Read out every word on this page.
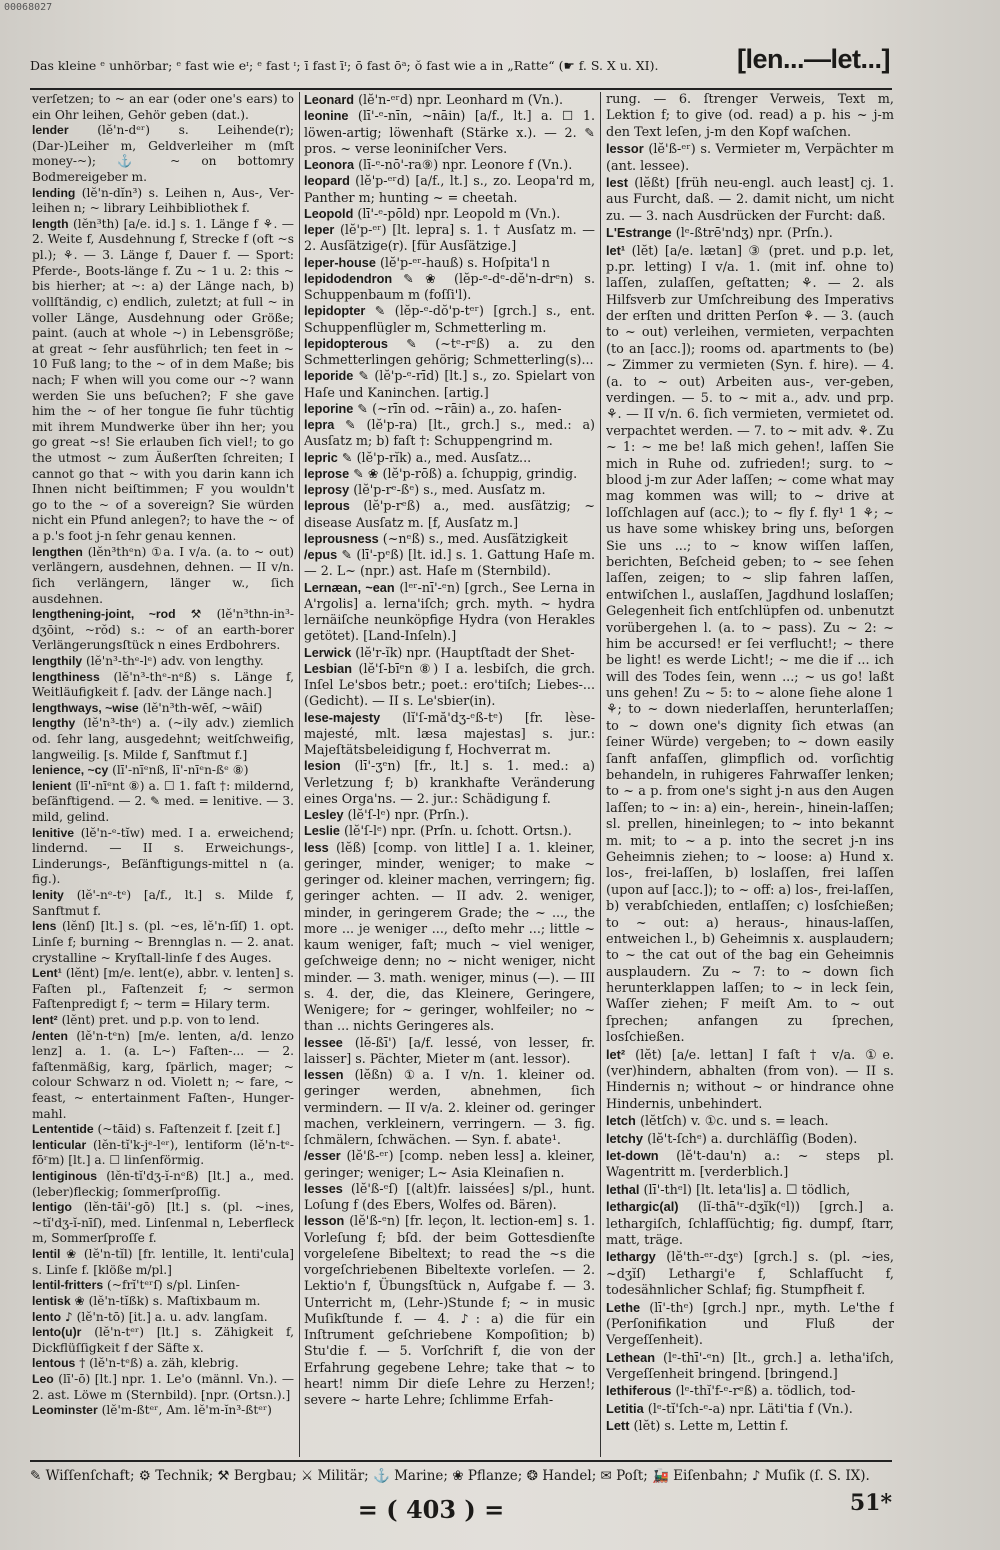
00068027
Das kleine ᵉ unhörbar; ᵉ fast wie eᶦ; ᵉ fast ᶦ; ī fast īᶦ; ō fast ōᵃ; ŏ fast wie a in „Ratte“ (☛ f. S. X u. XI).	[len...—let...]

verſetzen; to ~ an ear (oder one's ears) to ein Ohr leihen, Gehör geben (dat.).

lender (lĕ'n-dᵉʳ) s. Leihende(r); (Dar-)Leiher m, Geldverleiher m (mſt money-~); ⚓ ~ on bottomry Bodmereigeber m.

lending (lĕ'n-dĭn³) s. Leihen n, Aus-, Ver-leihen n; ~ library Leihbibliothek f.

length (lĕn³th) [a/e. id.] s. 1. Länge f ⚘. — 2. Weite f, Ausdehnung f, Strecke f (oft ~s pl.); ⚘. — 3. Länge f, Dauer f. — Sport: Pferde-, Boots-länge f. Zu ~ 1 u. 2: this ~ bis hierher; at ~: a) der Länge nach, b) vollſtändig, c) endlich, zuletzt; at full ~ in voller Länge, Ausdehnung oder Größe; paint. (auch at whole ~) in Lebensgröße; at great ~ ſehr ausführlich; ten feet in ~ 10 Fuß lang; to the ~ of in dem Maße; bis nach; F when will you come our ~? wann werden Sie uns beſuchen?; F she gave him the ~ of her tongue ſie fuhr tüchtig mit ihrem Mundwerke über ihn her; you go great ~s! Sie erlauben ſich viel!; to go the utmost ~ zum Äußerſten ſchreiten; I cannot go that ~ with you darin kann ich Ihnen nicht beiſtimmen; F you wouldn't go to the ~ of a sovereign? Sie würden nicht ein Pfund anlegen?; to have the ~ of a p.'s foot j-n ſehr genau kennen.

lengthen (lĕn³thᵉn) ①a. I v/a. (a. to ~ out) verlängern, ausdehnen, dehnen. — II v/n. ſich verlängern, länger w., ſich ausdehnen.

lengthening-joint, ~rod ⚒ (lĕ'n³thn-in³-dʒōint, ~rŏd) s.: ~ of an earth-borer Verlängerungsſtück n eines Erdbohrers.

lengthily (lĕ'n³-thᵉ-lᵉ) adv. von lengthy.

lengthiness (lĕ'n³-thᵉ-nᵉß) s. Länge f, Weitläufigkeit f. [adv. der Länge nach.]

lengthways, ~wise (lĕ'n³th-wēſ, ~wāiſ)

lengthy (lĕ'n³-thᵉ) a. (~ily adv.) ziemlich od. ſehr lang, ausgedehnt; weitſchweifig, langweilig. [s. Milde f, Sanftmut f.]

lenience, ~cy (lī'-nīᵉnß, lī'-nīᵉn-ßᵉ ⑧)

lenient (lī'-nīᵉnt ⑧) a. ☐ 1. faſt †: mildernd, beſänftigend. — 2. ✎ med. = lenitive. — 3. mild, gelind.

lenitive (lĕ'n-ᵉ-tĭw) med. I a. erweichend; lindernd. — II s. Erweichungs-, Linderungs-, Beſänftigungs-mittel n (a. fig.).

lenity (lĕ'-nᵉ-tᵉ) [a/f., lt.] s. Milde f, Sanftmut f.

lens (lĕnſ) [lt.] s. (pl. ~es, lĕ'n-ſĭſ) 1. opt. Linſe f; burning ~ Brennglas n. — 2. anat. crystalline ~ Kryſtall-linſe f des Auges.

Lent¹ (lĕnt) [m/e. lent(e), abbr. v. lenten] s. Faſten pl., Faſtenzeit f; ~ sermon Faſtenpredigt f; ~ term = Hilary term.

lent² (lĕnt) pret. und p.p. von to lend.

/enten (lĕ'n-tᵉn) [m/e. lenten, a/d. lenzo lenz] a. 1. (a. L~) Faſten-... — 2. faſtenmäßig, karg, ſpärlich, mager; ~ colour Schwarz n od. Violett n; ~ fare, ~ feast, ~ entertainment Faſten-, Hunger-mahl.

Lententide (~tāid) s. Faſtenzeit f. [zeit f.]

lenticular (lĕn-tĭ'k-jᵉ-lᵉʳ), lentiform (lĕ'n-tᵉ-fōʳm) [lt.] a. ☐ linſenförmig.

lentiginous (lĕn-tĭ'dʒ-ĭ-nᵉß) [lt.] a., med. (leber)fleckig; ſommerſproſſig.

lentigo (lĕn-tāi'-gō) [lt.] s. (pl. ~ines, ~tĭ'dʒ-ĭ-nīſ), med. Linſenmal n, Leberfleck m, Sommerſproſſe f.

lentil ❀ (lĕ'n-tĭl) [fr. lentille, lt. lenti'cula] s. Linſe f. [klöße m/pl.]

lentil-fritters (~frĭ'tᵉʳſ) s/pl. Linſen-

lentisk ❀ (lĕ'n-tĭßk) s. Maſtixbaum m.

lento ♪ (lĕ'n-tō) [it.] a. u. adv. langſam.

lento(u)r (lĕ'n-tᵉʳ) [lt.] s. Zähigkeit f, Dickflüſſigkeit f der Säfte x.

lentous † (lĕ'n-tᵉß) a. zäh, klebrig.

Leo (lī'-ō) [lt.] npr. 1. Le'o (männl. Vn.). — 2. ast. Löwe m (Sternbild). [npr. (Ortsn.).]

Leominster (lĕ'm-ßtᵉʳ, Am. lĕ'm-ĭn³-ßtᵉʳ)

Leonard (lĕ'n-ᵉʳd) npr. Leonhard m (Vn.).

leonine (lī'-ᵉ-nīn, ~nāin) [a/f., lt.] a. ☐ 1. löwen-artig; löwenhaft (Stärke x.). — 2. ✎ pros. ~ verse leoniniſcher Vers.

Leonora (lī-ᵉ-nō'-ra⑨) npr. Leonore f (Vn.).

leopard (lĕ'p-ᵉʳd) [a/f., lt.] s., zo. Leopa'rd m, Panther m; hunting ~ = cheetah.

Leopold (lī'-ᵉ-pōld) npr. Leopold m (Vn.).

leper (lĕ'p-ᵉʳ) [lt. lepra] s. 1. † Ausſatz m. — 2. Ausſätzige(r). [für Ausſätzige.]

leper-house (lĕ'p-ᵉʳ-hauß) s. Hoſpita'l n

lepidodendron ✎ ❀ (lĕp-ᵉ-dᵉ-dĕ'n-drᵉn) s. Schuppenbaum m (foſſi'l).

lepidopter ✎ (lĕp-ᵉ-dŏ'p-tᵉʳ) [grch.] s., ent. Schuppenflügler m, Schmetterling m.

lepidopterous ✎ (~tᵉ-rᵉß) a. zu den Schmetterlingen gehörig; Schmetterling(s)...

leporide ✎ (lĕ'p-ᵉ-rīd) [lt.] s., zo. Spielart von Haſe und Kaninchen. [artig.]

leporine ✎ (~rīn od. ~rāin) a., zo. haſen-

lepra ✎ (lĕ'p-ra) [lt., grch.] s., med.: a) Ausſatz m; b) faſt †: Schuppengrind m.

lepric ✎ (lĕ'p-rĭk) a., med. Ausſatz...

leprose ✎ ❀ (lĕ'p-rōß) a. ſchuppig, grindig.

leprosy (lĕ'p-rᵉ-ßᵉ) s., med. Ausſatz m.

leprous (lĕ'p-rᵉß) a., med. ausſätzig; ~ disease Ausſatz m. [f, Ausſatz m.]

leprousness (~nᵉß) s., med. Ausſätzigkeit

/epus ✎ (lī'-pᵉß) [lt. id.] s. 1. Gattung Haſe m. — 2. L~ (npr.) ast. Haſe m (Sternbild).

Lernæan, ~ean (lᵉʳ-nī'-ᵉn) [grch., See Lerna in A'rgolis] a. lerna'iſch; grch. myth. ~ hydra lernäiſche neunköpfige Hydra (von Herakles getötet). [Land-Inſeln).]

Lerwick (lĕ'r-ĭk) npr. (Hauptſtadt der Shet-

Lesbian (lĕ'ſ-bīᵉn ⑧) I a. lesbiſch, die grch. Inſel Le'sbos betr.; poet.: ero'tiſch; Liebes-... (Gedicht). — II s. Le'sbier(in).

lese-majesty (lĭ'ſ-mă'dʒ-ᵉß-tᵉ) [fr. lèse-majesté, mlt. læsa majestas] s. jur.: Majeſtätsbeleidigung f, Hochverrat m.

lesion (lī'-ʒᵉn) [fr., lt.] s. 1. med.: a) Verletzung f; b) krankhafte Veränderung eines Orga'ns. — 2. jur.: Schädigung f.

Lesley (lĕ'ſ-lᵉ) npr. (Prſn.).

Leslie (lĕ'ſ-lᵉ) npr. (Prſn. u. ſchott. Ortsn.).

less (lĕß) [comp. von little] I a. 1. kleiner, geringer, minder, weniger; to make ~ geringer od. kleiner machen, verringern; fig. geringer achten. — II adv. 2. weniger, minder, in geringerem Grade; the ~ ..., the more ... je weniger ..., deſto mehr ...; little ~ kaum weniger, faſt; much ~ viel weniger, geſchweige denn; no ~ nicht weniger, nicht minder. — 3. math. weniger, minus (—). — III s. 4. der, die, das Kleinere, Geringere, Wenigere; for ~ geringer, wohlfeiler; no ~ than ... nichts Geringeres als.

lessee (lĕ-ßī') [a/f. lessé, von lesser, fr. laisser] s. Pächter, Mieter m (ant. lessor).

lessen (lĕßn) ①a. I v/n. 1. kleiner od. geringer werden, abnehmen, ſich vermindern. — II v/a. 2. kleiner od. geringer machen, verkleinern, verringern. — 3. fig. ſchmälern, ſchwächen. — Syn. f. abate¹.

/esser (lĕ'ß-ᵉʳ) [comp. neben less] a. kleiner, geringer; weniger; L~ Asia Kleinaſien n.

lesses (lĕ'ß-ᵉſ) [(alt)fr. laissées] s/pl., hunt. Loſung f (des Ebers, Wolfes od. Bären).

lesson (lĕ'ß-ᵉn) [fr. leçon, lt. lection-em] s. 1. Vorleſung f; bſd. der beim Gottesdienſte vorgeleſene Bibeltext; to read the ~s die vorgeſchriebenen Bibeltexte vorleſen. — 2. Lektio'n f, Übungsſtück n, Aufgabe f. — 3. Unterricht m, (Lehr-)Stunde f; ~ in music Muſikſtunde f. — 4. ♪: a) die für ein Inſtrument geſchriebene Kompoſition; b) Stu'die f. — 5. Vorſchrift f, die von der Erfahrung gegebene Lehre; take that ~ to heart! nimm Dir dieſe Lehre zu Herzen!; severe ~ harte Lehre; ſchlimme Erfah-

rung. — 6. ſtrenger Verweis, Text m, Lektion f; to give (od. read) a p. his ~ j-m den Text leſen, j-m den Kopf waſchen.

lessor (lĕ'ß-ᵉʳ) s. Vermieter m, Verpächter m (ant. lessee).

lest (lĕßt) [früh neu-engl. auch least] cj. 1. aus Furcht, daß. — 2. damit nicht, um nicht zu. — 3. nach Ausdrücken der Furcht: daß.

L'Estrange (lᵉ-ßtrē'ndʒ) npr. (Prſn.).

let¹ (lĕt) [a/e. lætan] ③ (pret. und p.p. let, p.pr. letting) I v/a. 1. (mit inf. ohne to) laſſen, zulaſſen, geſtatten; ⚘. — 2. als Hilfsverb zur Umſchreibung des Imperativs der erſten und dritten Perſon ⚘. — 3. (auch to ~ out) verleihen, vermieten, verpachten (to an [acc.]); rooms od. apartments to (be) ~ Zimmer zu vermieten (Syn. f. hire). — 4. (a. to ~ out) Arbeiten aus-, ver-geben, verdingen. — 5. to ~ mit a., adv. und prp. ⚘. — II v/n. 6. ſich vermieten, vermietet od. verpachtet werden. — 7. to ~ mit adv. ⚘. Zu ~ 1: ~ me be! laß mich gehen!, laſſen Sie mich in Ruhe od. zufrieden!; surg. to ~ blood j-m zur Ader laſſen; ~ come what may mag kommen was will; to ~ drive at loſſchlagen auf (acc.); to ~ fly f. fly¹ 1 ⚘; ~ us have some whiskey bring uns, beſorgen Sie uns ...; to ~ know wiſſen laſſen, berichten, Beſcheid geben; to ~ see ſehen laſſen, zeigen; to ~ slip fahren laſſen, entwiſchen l., auslaſſen, Jagdhund loslaſſen; Gelegenheit ſich entſchlüpfen od. unbenutzt vorübergehen l. (a. to ~ pass). Zu ~ 2: ~ him be accursed! er ſei verflucht!; ~ there be light! es werde Licht!; ~ me die if ... ich will des Todes ſein, wenn ...; ~ us go! laßt uns gehen! Zu ~ 5: to ~ alone ſiehe alone 1 ⚘; to ~ down niederlaſſen, herunterlaſſen; to ~ down one's dignity ſich etwas (an ſeiner Würde) vergeben; to ~ down easily ſanft anfaſſen, glimpflich od. vorſichtig behandeln, in ruhigeres Fahrwaſſer lenken; to ~ a p. from one's sight j-n aus den Augen laſſen; to ~ in: a) ein-, herein-, hinein-laſſen; sl. prellen, hineinlegen; to ~ into bekannt m. mit; to ~ a p. into the secret j-n ins Geheimnis ziehen; to ~ loose: a) Hund x. los-, frei-laſſen, b) loslaſſen, frei laſſen (upon auf [acc.]); to ~ off: a) los-, frei-laſſen, b) verabſchieden, entlaſſen; c) losſchießen; to ~ out: a) heraus-, hinaus-laſſen, entweichen l., b) Geheimnis x. ausplaudern; to ~ the cat out of the bag ein Geheimnis ausplaudern. Zu ~ 7: to ~ down ſich herunterklappen laſſen; to ~ in leck ſein, Waſſer ziehen; F meiſt Am. to ~ out ſprechen; anfangen zu ſprechen, losſchießen.

let² (lĕt) [a/e. lettan] I faſt † v/a. ①e. (ver)hindern, abhalten (from von). — II s. Hindernis n; without ~ or hindrance ohne Hindernis, unbehindert.

letch (lĕtſch) v. ①c. und s. = leach.

letchy (lĕ't-ſchᵉ) a. durchläſſig (Boden).

let-down (lĕ't-dau'n) a.: ~ steps pl. Wagentritt m. [verderblich.]

lethal (lī'-thᵉl) [lt. leta'lis] a. ☐ tödlich,

lethargic(al) (lĭ-thā'ʳ-dʒĭk(ᵉl)) [grch.] a. lethargiſch, ſchlafſüchtig; fig. dumpf, ſtarr, matt, träge.

lethargy (lĕ'th-ᵉʳ-dʒᵉ) [grch.] s. (pl. ~ies, ~dʒĭſ) Lethargi'e f, Schlafſucht f, todesähnlicher Schlaf; fig. Stumpfheit f.

Lethe (lī'-thᵉ) [grch.] npr., myth. Le'the f (Perſonifikation und Fluß der Vergeſſenheit).

Lethean (lᵉ-thī'-ᵉn) [lt., grch.] a. letha'iſch, Vergeſſenheit bringend. [bringend.]

lethiferous (lᵉ-thĭ'f-ᵉ-rᵉß) a. tödlich, tod-

Letitia (lᵉ-tĭ'ſch-ᵉ-a) npr. Läti'tia f (Vn.).

Lett (lĕt) s. Lette m, Lettin f.

✎ Wiſſenſchaft; ⚙ Technik; ⚒ Bergbau; ⚔ Militär; ⚓ Marine; ❀ Pflanze; ❂ Handel; ✉ Poſt; 🚂 Eiſenbahn; ♪ Muſik (ſ. S. IX).
= ( 403 ) =	51*
